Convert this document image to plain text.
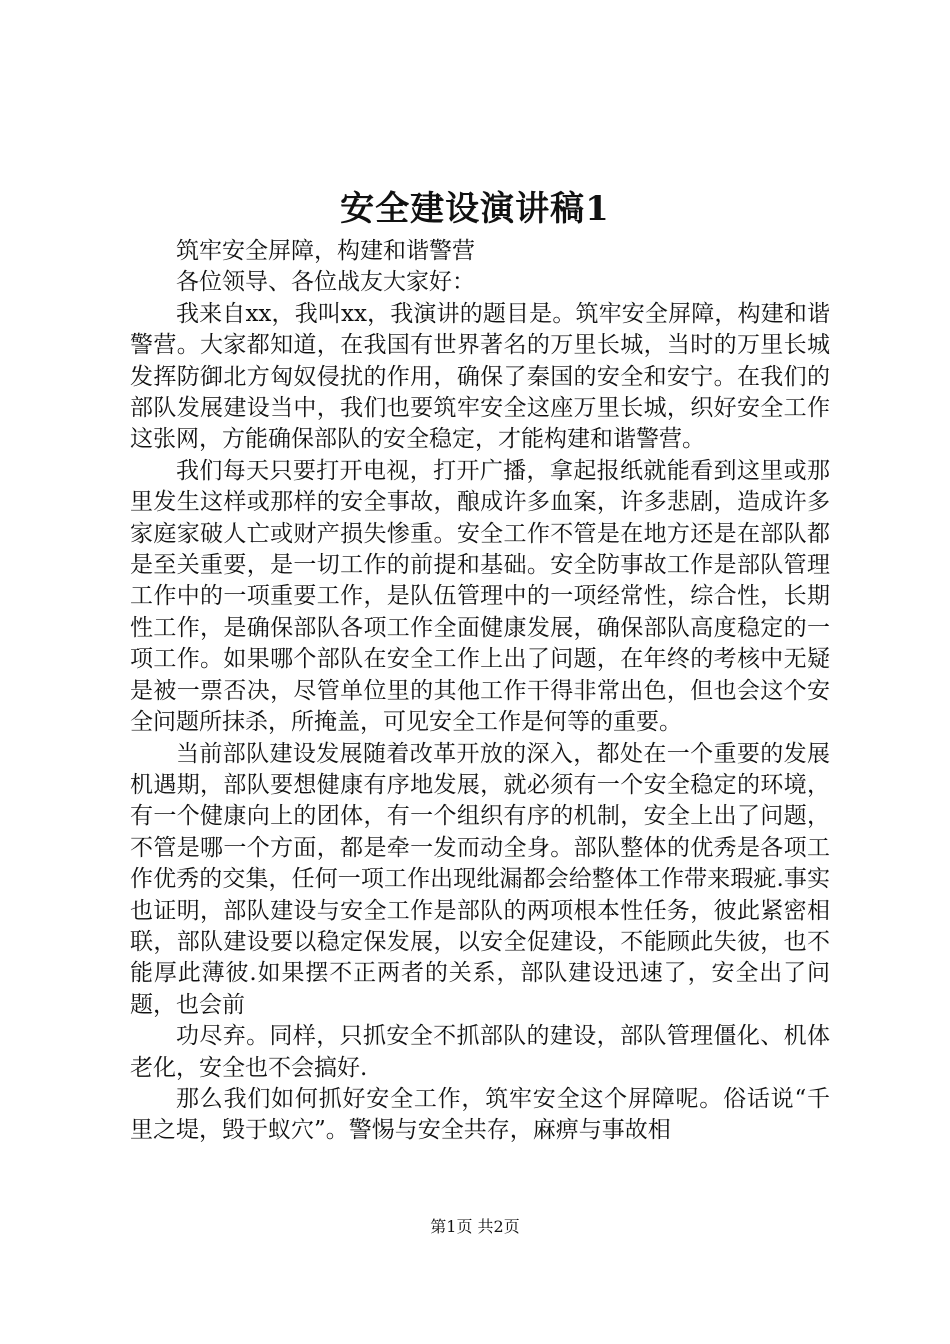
安全建设演讲稿1

筑牢安全屏障，构建和谐警营

各位领导、各位战友大家好：

我来自xx，我叫xx，我演讲的题目是。筑牢安全屏障，构建和谐警营。大家都知道，在我国有世界著名的万里长城，当时的万里长城发挥防御北方匈奴侵扰的作用，确保了秦国的安全和安宁。在我们的部队发展建设当中，我们也要筑牢安全这座万里长城，织好安全工作这张网，方能确保部队的安全稳定，才能构建和谐警营。

我们每天只要打开电视，打开广播，拿起报纸就能看到这里或那里发生这样或那样的安全事故，酿成许多血案，许多悲剧，造成许多家庭家破人亡或财产损失惨重。安全工作不管是在地方还是在部队都是至关重要，是一切工作的前提和基础。安全防事故工作是部队管理工作中的一项重要工作，是队伍管理中的一项经常性，综合性，长期性工作，是确保部队各项工作全面健康发展，确保部队高度稳定的一项工作。如果哪个部队在安全工作上出了问题，在年终的考核中无疑是被一票否决，尽管单位里的其他工作干得非常出色，但也会这个安全问题所抹杀，所掩盖，可见安全工作是何等的重要。

当前部队建设发展随着改革开放的深入，都处在一个重要的发展机遇期，部队要想健康有序地发展，就必须有一个安全稳定的环境，有一个健康向上的团体，有一个组织有序的机制，安全上出了问题，不管是哪一个方面，都是牵一发而动全身。部队整体的优秀是各项工作优秀的交集，任何一项工作出现纰漏都会给整体工作带来瑕疵.事实也证明，部队建设与安全工作是部队的两项根本性任务，彼此紧密相联，部队建设要以稳定保发展，以安全促建设，不能顾此失彼，也不能厚此薄彼.如果摆不正两者的关系，部队建设迅速了，安全出了问题，也会前

功尽弃。同样，只抓安全不抓部队的建设，部队管理僵化、机体老化，安全也不会搞好.

那么我们如何抓好安全工作，筑牢安全这个屏障呢。俗话说“千里之堤，毁于蚁穴”。警惕与安全共存，麻痹与事故相

第1页 共2页
